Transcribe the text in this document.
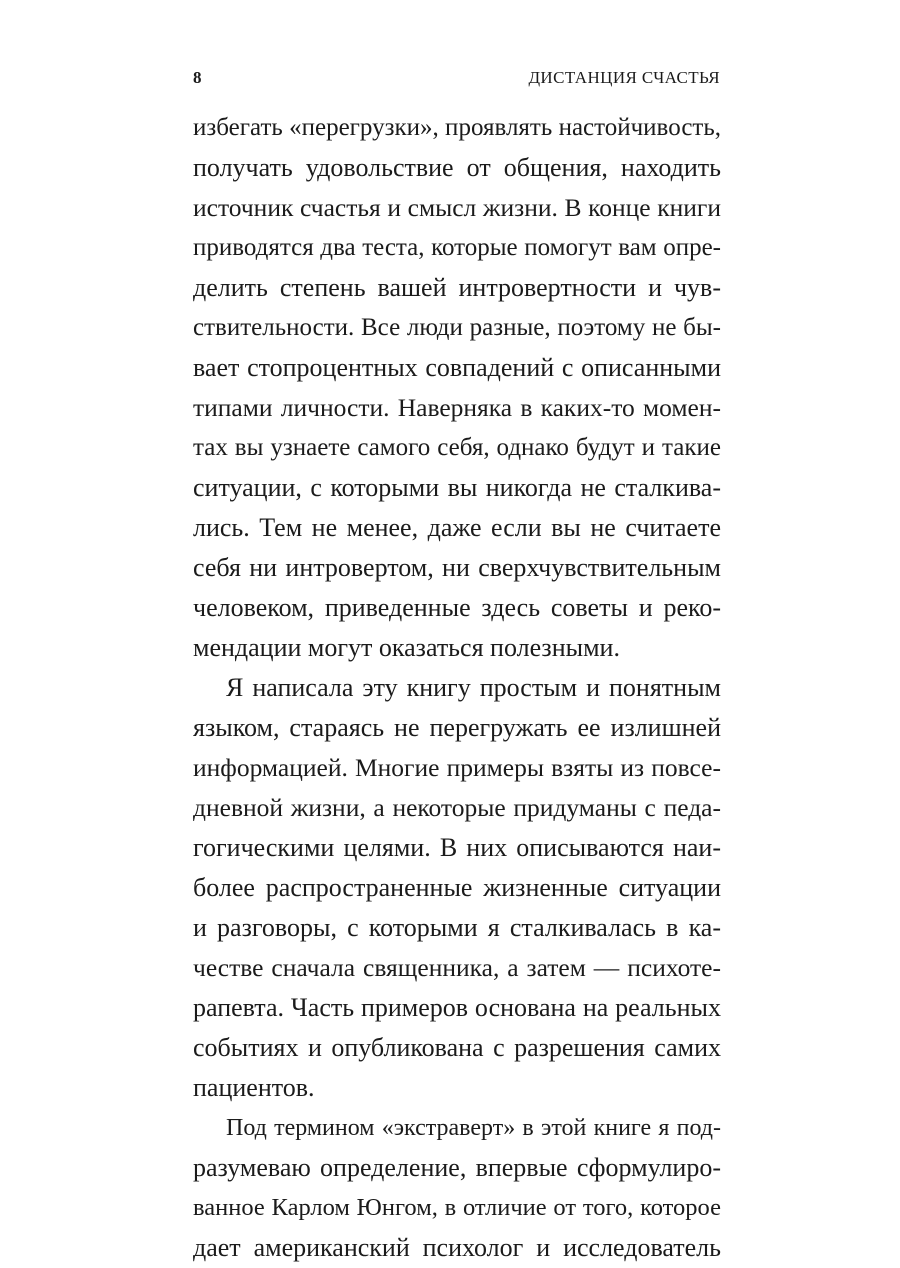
8	ДИСТАНЦИЯ СЧАСТЬЯ
избегать «перегрузки», проявлять настойчивость,
получать удовольствие от общения, находить
источник счастья и смысл жизни. В конце книги
приводятся два теста, которые помогут вам опре-
делить степень вашей интровертности и чув-
ствительности. Все люди разные, поэтому не бы-
вает стопроцентных совпадений с описанными
типами личности. Наверняка в каких-то момен-
тах вы узнаете самого себя, однако будут и такие
ситуации, с которыми вы никогда не сталкива-
лись. Тем не менее, даже если вы не считаете
себя ни интровертом, ни сверхчувствительным
человеком, приведенные здесь советы и реко-
мендации могут оказаться полезными.
Я написала эту книгу простым и понятным
языком, стараясь не перегружать ее излишней
информацией. Многие примеры взяты из повсе-
дневной жизни, а некоторые придуманы с педа-
гогическими целями. В них описываются наи-
более распространенные жизненные ситуации
и разговоры, с которыми я сталкивалась в ка-
честве сначала священника, а затем — психоте-
рапевта. Часть примеров основана на реальных
событиях и опубликована с разрешения самих
пациентов.
Под термином «экстраверт» в этой книге я под-
разумеваю определение, впервые сформулиро-
ванное Карлом Юнгом, в отличие от того, которое
дает американский психолог и исследователь
